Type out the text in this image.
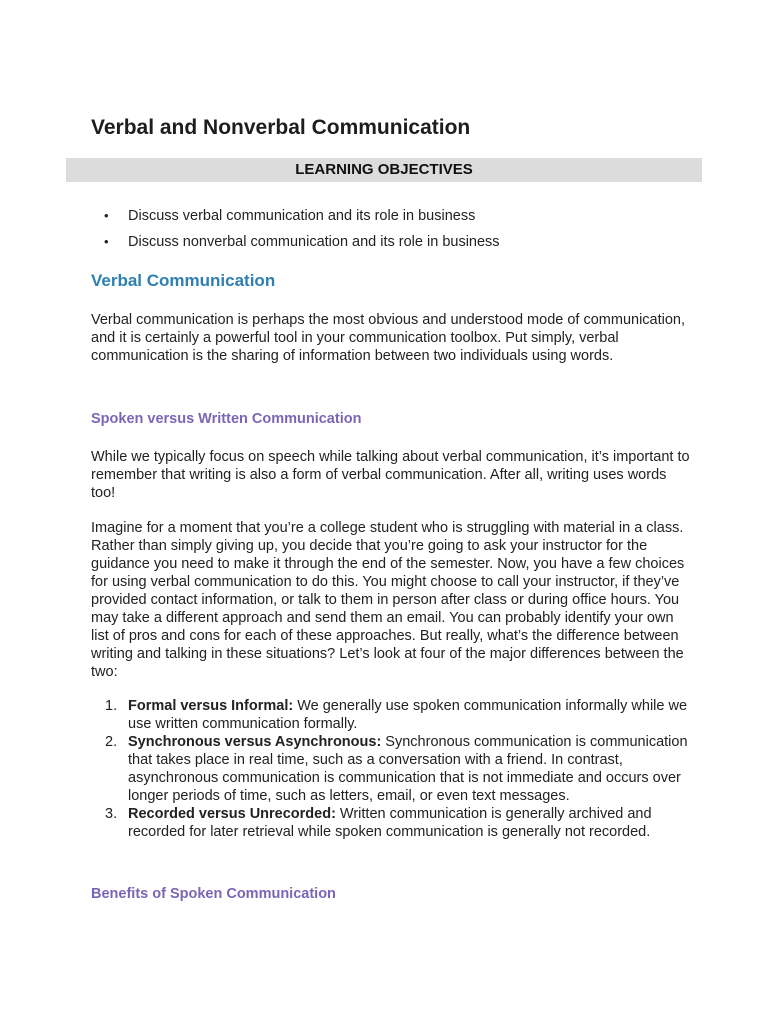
Verbal and Nonverbal Communication
LEARNING OBJECTIVES
• Discuss verbal communication and its role in business
• Discuss nonverbal communication and its role in business
Verbal Communication

Verbal communication is perhaps the most obvious and understood mode of communication, and it is certainly a powerful tool in your communication toolbox. Put simply, verbal communication is the sharing of information between two individuals using words.

Spoken versus Written Communication

While we typically focus on speech while talking about verbal communication, it’s important to remember that writing is also a form of verbal communication. After all, writing uses words too!

Imagine for a moment that you’re a college student who is struggling with material in a class. Rather than simply giving up, you decide that you’re going to ask your instructor for the guidance you need to make it through the end of the semester. Now, you have a few choices for using verbal communication to do this. You might choose to call your instructor, if they’ve provided contact information, or talk to them in person after class or during office hours. You may take a different approach and send them an email. You can probably identify your own list of pros and cons for each of these approaches. But really, what’s the difference between writing and talking in these situations? Let’s look at four of the major differences between the two:

1. Formal versus Informal: We generally use spoken communication informally while we use written communication formally.
2. Synchronous versus Asynchronous: Synchronous communication is communication that takes place in real time, such as a conversation with a friend. In contrast, asynchronous communication is communication that is not immediate and occurs over longer periods of time, such as letters, email, or even text messages.
3. Recorded versus Unrecorded: Written communication is generally archived and recorded for later retrieval while spoken communication is generally not recorded.
Benefits of Spoken Communication
